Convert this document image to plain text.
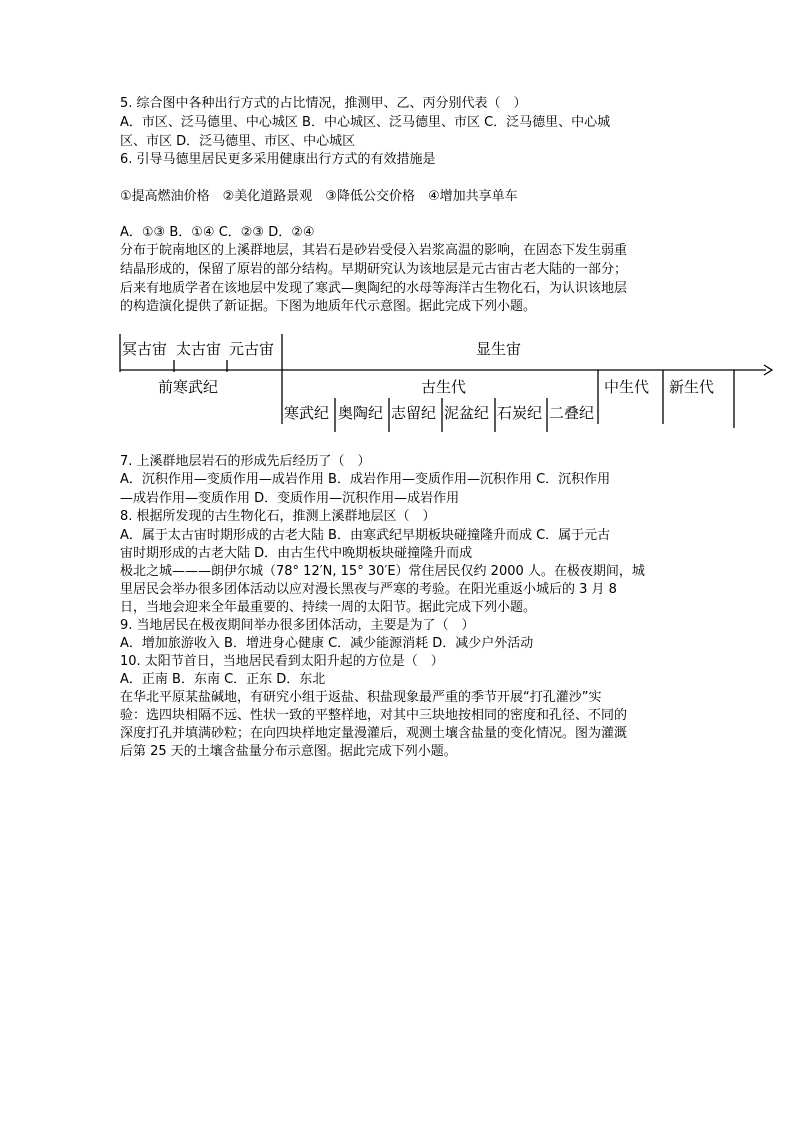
5. 综合图中各种出行方式的占比情况，推测甲、乙、丙分别代表（　）
A．市区、泛马德里、中心城区 B．中心城区、泛马德里、市区 C．泛马德里、中心城
区、市区 D．泛马德里、市区、中心城区
6. 引导马德里居民更多采用健康出行方式的有效措施是
①提高燃油价格　②美化道路景观　③降低公交价格　④增加共享单车
A．①③ B．①④ C．②③ D．②④
分布于皖南地区的上溪群地层，其岩石是砂岩受侵入岩浆高温的影响，在固态下发生弱重
结晶形成的，保留了原岩的部分结构。早期研究认为该地层是元古宙古老大陆的一部分；
后来有地质学者在该地层中发现了寒武—奥陶纪的水母等海洋古生物化石，为认识该地层
的构造演化提供了新证据。下图为地质年代示意图。据此完成下列小题。
冥古宙 太古宙 元古宙	显生宙
前寒武纪	古生代	中生代 新生代
寒武纪 奥陶纪 志留纪 泥盆纪 石炭纪 二叠纪
7. 上溪群地层岩石的形成先后经历了（　）
A．沉积作用—变质作用—成岩作用 B．成岩作用—变质作用—沉积作用 C．沉积作用
—成岩作用—变质作用 D．变质作用—沉积作用—成岩作用
8. 根据所发现的古生物化石，推测上溪群地层区（　）
A．属于太古宙时期形成的古老大陆 B．由寒武纪早期板块碰撞隆升而成 C．属于元古
宙时期形成的古老大陆 D．由古生代中晚期板块碰撞隆升而成
极北之城———朗伊尔城（78° 12′N, 15° 30′E）常住居民仅约 2000 人。在极夜期间，城
里居民会举办很多团体活动以应对漫长黑夜与严寒的考验。在阳光重返小城后的 3 月 8
日，当地会迎来全年最重要的、持续一周的太阳节。据此完成下列小题。
9. 当地居民在极夜期间举办很多团体活动，主要是为了（　）
A．增加旅游收入 B．增进身心健康 C．减少能源消耗 D．减少户外活动
10. 太阳节首日，当地居民看到太阳升起的方位是（　）
A．正南 B．东南 C．正东 D．东北
在华北平原某盐碱地，有研究小组于返盐、积盐现象最严重的季节开展“打孔灌沙”实
验：选四块相隔不远、性状一致的平整样地，对其中三块地按相同的密度和孔径、不同的
深度打孔并填满砂粒；在向四块样地定量漫灌后，观测土壤含盐量的变化情况。图为灌溉
后第 25 天的土壤含盐量分布示意图。据此完成下列小题。
